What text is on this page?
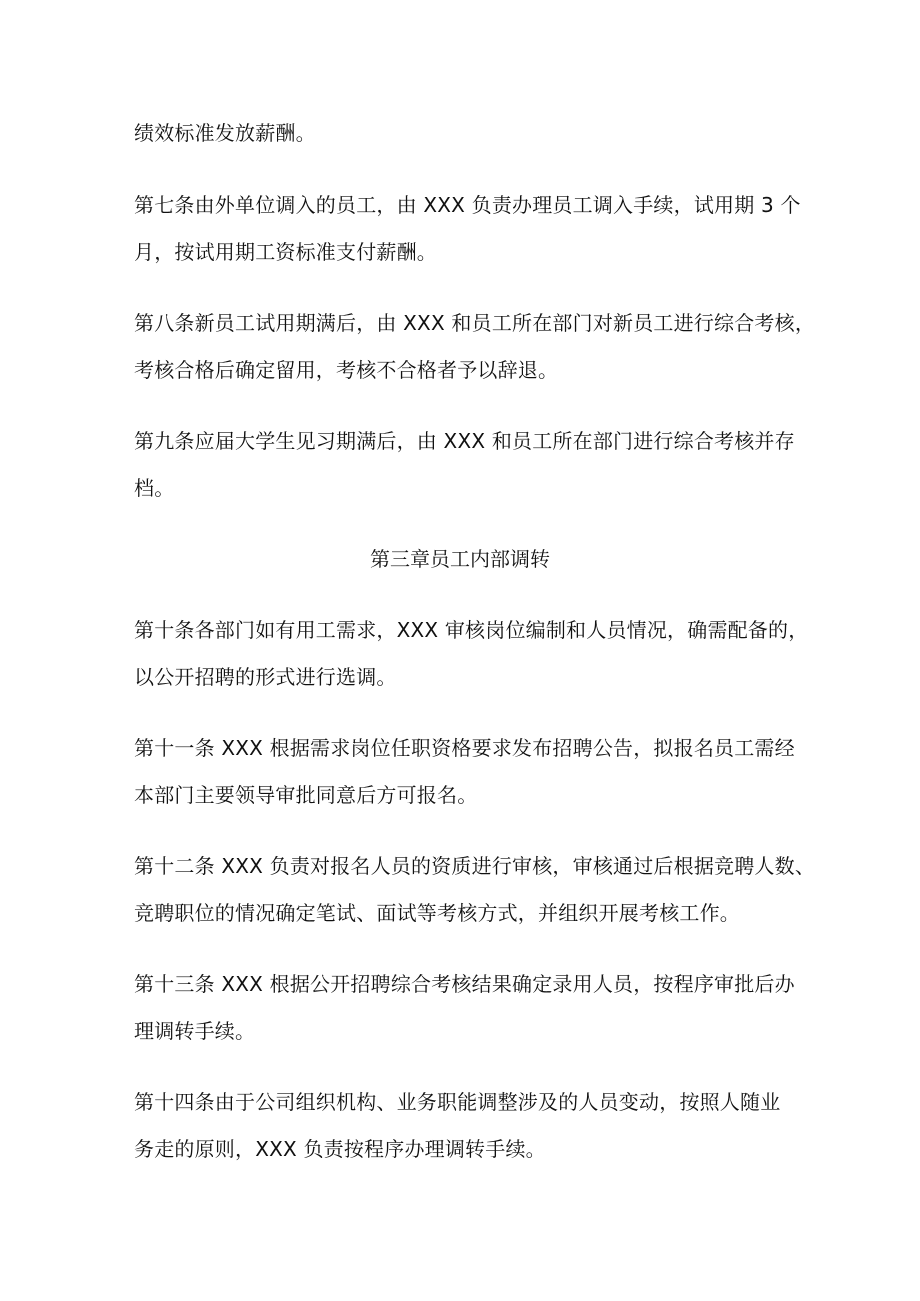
绩效标准发放薪酬。
第七条由外单位调入的员工，由 XXX 负责办理员工调入手续，试用期 3 个
月，按试用期工资标准支付薪酬。
第八条新员工试用期满后，由 XXX 和员工所在部门对新员工进行综合考核，
考核合格后确定留用，考核不合格者予以辞退。
第九条应届大学生见习期满后，由 XXX 和员工所在部门进行综合考核并存
档。
第三章员工内部调转
第十条各部门如有用工需求，XXX 审核岗位编制和人员情况，确需配备的，
以公开招聘的形式进行选调。
第十一条 XXX 根据需求岗位任职资格要求发布招聘公告，拟报名员工需经
本部门主要领导审批同意后方可报名。
第十二条 XXX 负责对报名人员的资质进行审核，审核通过后根据竞聘人数、
竞聘职位的情况确定笔试、面试等考核方式，并组织开展考核工作。
第十三条 XXX 根据公开招聘综合考核结果确定录用人员，按程序审批后办
理调转手续。
第十四条由于公司组织机构、业务职能调整涉及的人员变动，按照人随业
务走的原则，XXX 负责按程序办理调转手续。
